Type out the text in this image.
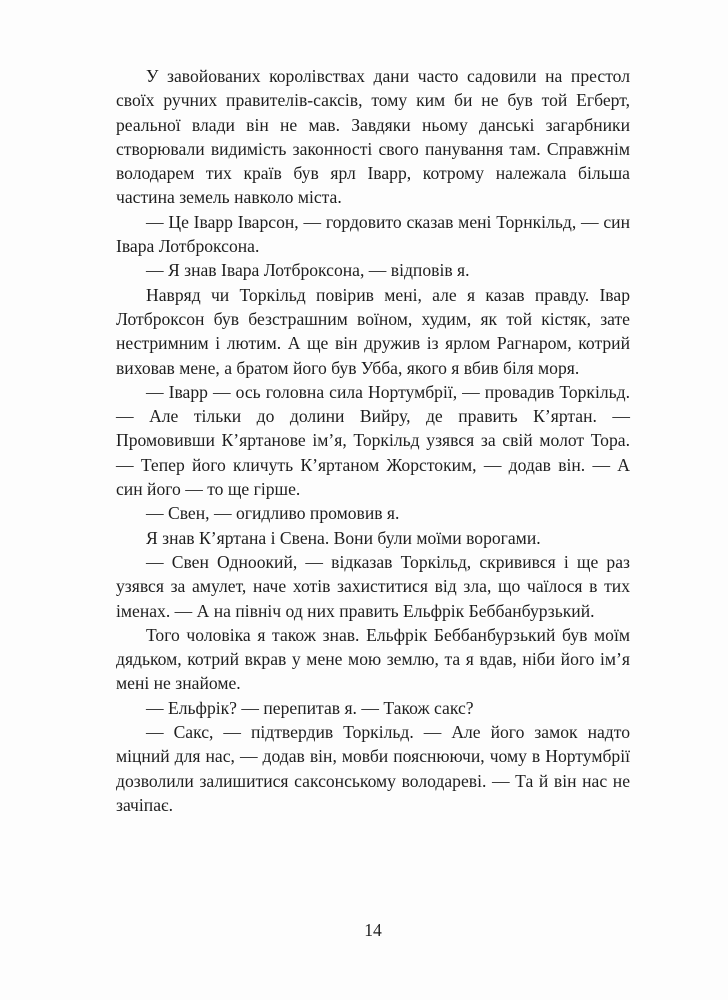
У завойованих королівствах дани часто садовили на престол своїх ручних правителів-саксів, тому ким би не був той Егберт, реальної влади він не мав. Завдяки ньому данські загарбники створювали видимість законності свого панування там. Справжнім володарем тих країв був ярл Іварр, котрому належала більша частина земель навколо міста.

— Це Іварр Іварсон, — гордовито сказав мені Торнкільд, — син Івара Лотброксона.

— Я знав Івара Лотброксона, — відповів я.

Навряд чи Торкільд повірив мені, але я казав правду. Івар Лотброксон був безстрашним воїном, худим, як той кістяк, зате нестримним і лютим. А ще він дружив із ярлом Рагнаром, котрий виховав мене, а братом його був Убба, якого я вбив біля моря.

— Іварр — ось головна сила Нортумбрії, — провадив Торкільд. — Але тільки до долини Вийру, де править К’яртан. — Промовивши К’яртанове ім’я, Торкільд узявся за свій молот Тора. — Тепер його кличуть К’яртаном Жорстоким, — додав він. — А син його — то ще гірше.

— Свен, — огидливо промовив я.

Я знав К’яртана і Свена. Вони були моїми ворогами.

— Свен Одноокий, — відказав Торкільд, скривився і ще раз узявся за амулет, наче хотів захиститися від зла, що чаїлося в тих іменах. — А на північ од них править Ельфрік Беббанбурзький.

Того чоловіка я також знав. Ельфрік Беббанбурзький був моїм дядьком, котрий вкрав у мене мою землю, та я вдав, ніби його ім’я мені не знайоме.

— Ельфрік? — перепитав я. — Також сакс?

— Сакс, — підтвердив Торкільд. — Але його замок надто міцний для нас, — додав він, мовби пояснюючи, чому в Нортумбрії дозволили залишитися саксонському володареві. — Та й він нас не зачіпає.

14
